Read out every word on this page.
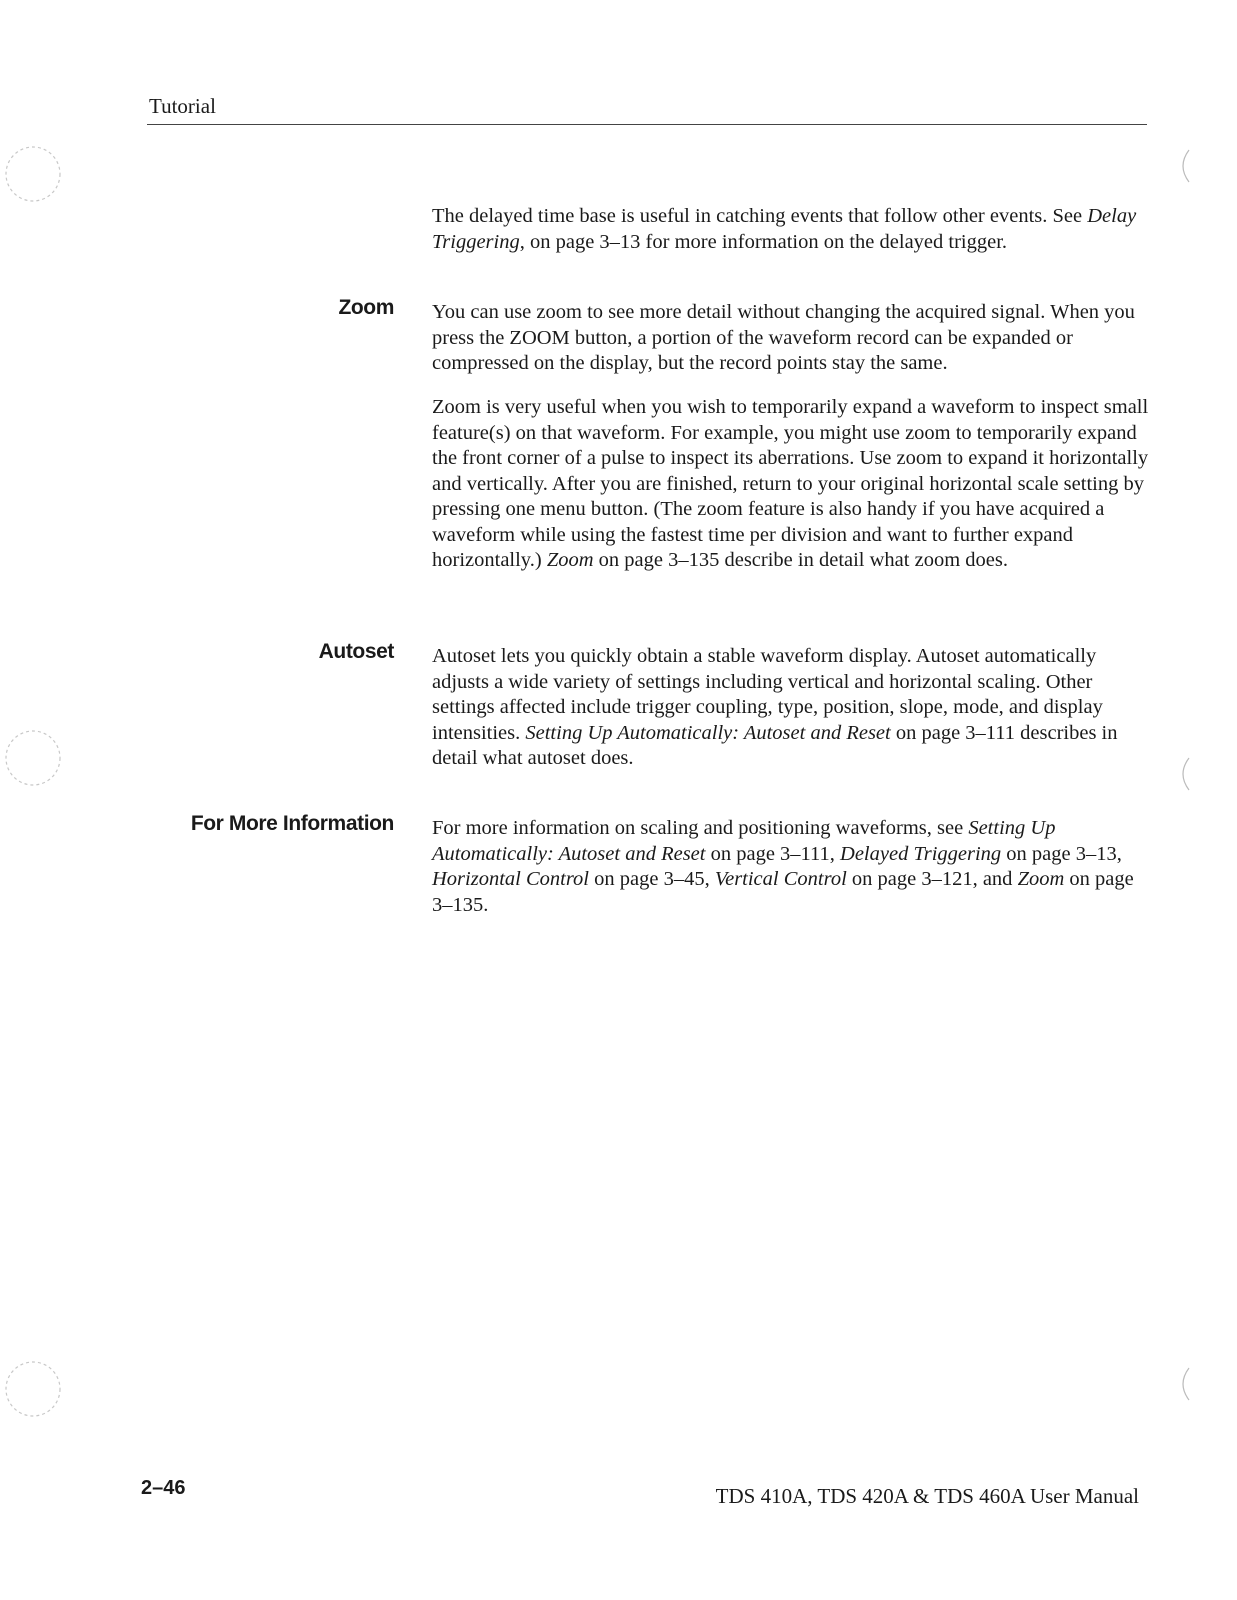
Tutorial

The delayed time base is useful in catching events that follow other events. See Delay Triggering, on page 3–13 for more information on the delayed trigger.

Zoom You can use zoom to see more detail without changing the acquired signal. When you press the ZOOM button, a portion of the waveform record can be expanded or compressed on the display, but the record points stay the same.

Zoom is very useful when you wish to temporarily expand a waveform to inspect small feature(s) on that waveform. For example, you might use zoom to temporarily expand the front corner of a pulse to inspect its aberrations. Use zoom to expand it horizontally and vertically. After you are finished, return to your original horizontal scale setting by pressing one menu button. (The zoom feature is also handy if you have acquired a waveform while using the fastest time per division and want to further expand horizontally.) Zoom on page 3–135 describe in detail what zoom does.

Autoset Autoset lets you quickly obtain a stable waveform display. Autoset automatically adjusts a wide variety of settings including vertical and horizontal scaling. Other settings affected include trigger coupling, type, position, slope, mode, and display intensities. Setting Up Automatically: Autoset and Reset on page 3–111 describes in detail what autoset does.

For More Information For more information on scaling and positioning waveforms, see Setting Up Automatically: Autoset and Reset on page 3–111, Delayed Triggering on page 3–13, Horizontal Control on page 3–45, Vertical Control on page 3–121, and Zoom on page 3–135.

2–46	TDS 410A, TDS 420A & TDS 460A User Manual
